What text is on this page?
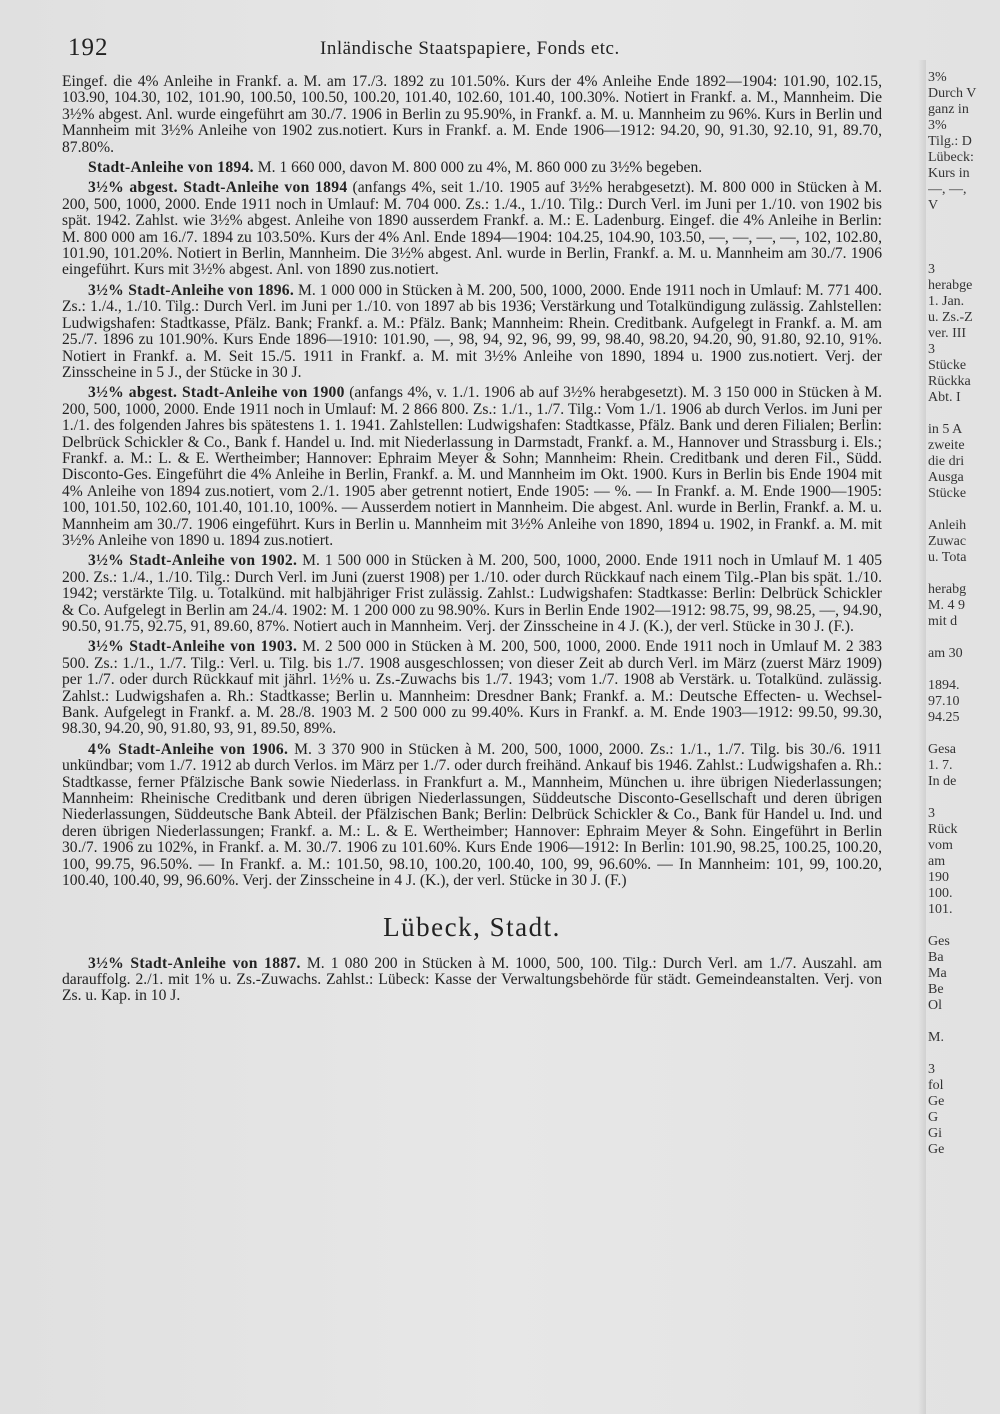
192	Inländische Staatspapiere, Fonds etc.

Eingef. die 4% Anleihe in Frankf. a. M. am 17./3. 1892 zu 101.50%. Kurs der 4% Anleihe Ende 1892—1904: 101.90, 102.15, 103.90, 104.30, 102, 101.90, 100.50, 100.50, 100.20, 101.40, 102.60, 101.40, 100.30%. Notiert in Frankf. a. M., Mannheim. Die 3½% abgest. Anl. wurde eingeführt am 30./7. 1906 in Berlin zu 95.90%, in Frankf. a. M. u. Mannheim zu 96%. Kurs in Berlin und Mannheim mit 3½% Anleihe von 1902 zus.notiert. Kurs in Frankf. a. M. Ende 1906—1912: 94.20, 90, 91.30, 92.10, 91, 89.70, 87.80%.

Stadt-Anleihe von 1894. M. 1 660 000, davon M. 800 000 zu 4%, M. 860 000 zu 3½% begeben.

3½% abgest. Stadt-Anleihe von 1894 (anfangs 4%, seit 1./10. 1905 auf 3½% herabgesetzt). M. 800 000 in Stücken à M. 200, 500, 1000, 2000. Ende 1911 noch in Umlauf: M. 704 000. Zs.: 1./4., 1./10. Tilg.: Durch Verl. im Juni per 1./10. von 1902 bis spät. 1942. Zahlst. wie 3½% abgest. Anleihe von 1890 ausserdem Frankf. a. M.: E. Ladenburg. Eingef. die 4% Anleihe in Berlin: M. 800 000 am 16./7. 1894 zu 103.50%. Kurs der 4% Anl. Ende 1894—1904: 104.25, 104.90, 103.50, —, —, —, —, 102, 102.80, 101.90, 101.20%. Notiert in Berlin, Mannheim. Die 3½% abgest. Anl. wurde in Berlin, Frankf. a. M. u. Mannheim am 30./7. 1906 eingeführt. Kurs mit 3½% abgest. Anl. von 1890 zus.notiert.

3½% Stadt-Anleihe von 1896. M. 1 000 000 in Stücken à M. 200, 500, 1000, 2000. Ende 1911 noch in Umlauf: M. 771 400. Zs.: 1./4., 1./10. Tilg.: Durch Verl. im Juni per 1./10. von 1897 ab bis 1936; Verstärkung und Totalkündigung zulässig. Zahlstellen: Ludwigshafen: Stadtkasse, Pfälz. Bank; Frankf. a. M.: Pfälz. Bank; Mannheim: Rhein. Creditbank. Aufgelegt in Frankf. a. M. am 25./7. 1896 zu 101.90%. Kurs Ende 1896—1910: 101.90, —, 98, 94, 92, 96, 99, 99, 98.40, 98.20, 94.20, 90, 91.80, 92.10, 91%. Notiert in Frankf. a. M. Seit 15./5. 1911 in Frankf. a. M. mit 3½% Anleihe von 1890, 1894 u. 1900 zus.notiert. Verj. der Zinsscheine in 5 J., der Stücke in 30 J.

3½% abgest. Stadt-Anleihe von 1900 (anfangs 4%, v. 1./1. 1906 ab auf 3½% herabgesetzt). M. 3 150 000 in Stücken à M. 200, 500, 1000, 2000. Ende 1911 noch in Umlauf: M. 2 866 800. Zs.: 1./1., 1./7. Tilg.: Vom 1./1. 1906 ab durch Verlos. im Juni per 1./1. des folgenden Jahres bis spätestens 1. 1. 1941. Zahlstellen: Ludwigshafen: Stadtkasse, Pfälz. Bank und deren Filialen; Berlin: Delbrück Schickler & Co., Bank f. Handel u. Ind. mit Niederlassung in Darmstadt, Frankf. a. M., Hannover und Strassburg i. Els.; Frankf. a. M.: L. & E. Wertheimber; Hannover: Ephraim Meyer & Sohn; Mannheim: Rhein. Creditbank und deren Fil., Südd. Disconto-Ges. Eingeführt die 4% Anleihe in Berlin, Frankf. a. M. und Mannheim im Okt. 1900. Kurs in Berlin bis Ende 1904 mit 4% Anleihe von 1894 zus.notiert, vom 2./1. 1905 aber getrennt notiert, Ende 1905: — %. — In Frankf. a. M. Ende 1900—1905: 100, 101.50, 102.60, 101.40, 101.10, 100%. — Ausserdem notiert in Mannheim. Die abgest. Anl. wurde in Berlin, Frankf. a. M. u. Mannheim am 30./7. 1906 eingeführt. Kurs in Berlin u. Mannheim mit 3½% Anleihe von 1890, 1894 u. 1902, in Frankf. a. M. mit 3½% Anleihe von 1890 u. 1894 zus.notiert.

3½% Stadt-Anleihe von 1902. M. 1 500 000 in Stücken à M. 200, 500, 1000, 2000. Ende 1911 noch in Umlauf M. 1 405 200. Zs.: 1./4., 1./10. Tilg.: Durch Verl. im Juni (zuerst 1908) per 1./10. oder durch Rückkauf nach einem Tilg.-Plan bis spät. 1./10. 1942; verstärkte Tilg. u. Totalkünd. mit halbjähriger Frist zulässig. Zahlst.: Ludwigshafen: Stadtkasse: Berlin: Delbrück Schickler & Co. Aufgelegt in Berlin am 24./4. 1902: M. 1 200 000 zu 98.90%. Kurs in Berlin Ende 1902—1912: 98.75, 99, 98.25, —, 94.90, 90.50, 91.75, 92.75, 91, 89.60, 87%. Notiert auch in Mannheim. Verj. der Zinsscheine in 4 J. (K.), der verl. Stücke in 30 J. (F.).

3½% Stadt-Anleihe von 1903. M. 2 500 000 in Stücken à M. 200, 500, 1000, 2000. Ende 1911 noch in Umlauf M. 2 383 500. Zs.: 1./1., 1./7. Tilg.: Verl. u. Tilg. bis 1./7. 1908 ausgeschlossen; von dieser Zeit ab durch Verl. im März (zuerst März 1909) per 1./7. oder durch Rückkauf mit jährl. 1½% u. Zs.-Zuwachs bis 1./7. 1943; vom 1./7. 1908 ab Verstärk. u. Totalkünd. zulässig. Zahlst.: Ludwigshafen a. Rh.: Stadtkasse; Berlin u. Mannheim: Dresdner Bank; Frankf. a. M.: Deutsche Effecten- u. Wechsel-Bank. Aufgelegt in Frankf. a. M. 28./8. 1903 M. 2 500 000 zu 99.40%. Kurs in Frankf. a. M. Ende 1903—1912: 99.50, 99.30, 98.30, 94.20, 90, 91.80, 93, 91, 89.50, 89%.

4% Stadt-Anleihe von 1906. M. 3 370 900 in Stücken à M. 200, 500, 1000, 2000. Zs.: 1./1., 1./7. Tilg. bis 30./6. 1911 unkündbar; vom 1./7. 1912 ab durch Verlos. im März per 1./7. oder durch freihänd. Ankauf bis 1946. Zahlst.: Ludwigshafen a. Rh.: Stadtkasse, ferner Pfälzische Bank sowie Niederlass. in Frankfurt a. M., Mannheim, München u. ihre übrigen Niederlassungen; Mannheim: Rheinische Creditbank und deren übrigen Niederlassungen, Süddeutsche Disconto-Gesellschaft und deren übrigen Niederlassungen, Süddeutsche Bank Abteil. der Pfälzischen Bank; Berlin: Delbrück Schickler & Co., Bank für Handel u. Ind. und deren übrigen Niederlassungen; Frankf. a. M.: L. & E. Wertheimber; Hannover: Ephraim Meyer & Sohn. Eingeführt in Berlin 30./7. 1906 zu 102%, in Frankf. a. M. 30./7. 1906 zu 101.60%. Kurs Ende 1906—1912: In Berlin: 101.90, 98.25, 100.25, 100.20, 100, 99.75, 96.50%. — In Frankf. a. M.: 101.50, 98.10, 100.20, 100.40, 100, 99, 96.60%. — In Mannheim: 101, 99, 100.20, 100.40, 100.40, 99, 96.60%. Verj. der Zinsscheine in 4 J. (K.), der verl. Stücke in 30 J. (F.)

Lübeck, Stadt.

3½% Stadt-Anleihe von 1887. M. 1 080 200 in Stücken à M. 1000, 500, 100. Tilg.: Durch Verl. am 1./7. Auszahl. am darauffolg. 2./1. mit 1% u. Zs.-Zuwachs. Zahlst.: Lübeck: Kasse der Verwaltungsbehörde für städt. Gemeindeanstalten. Verj. von Zs. u. Kap. in 10 J.

3%
Durch V
ganz in
3%
Tilg.: D
Lübeck:
Kurs in
—, —,
V
3
herabge
1. Jan.
u. Zs.-Z
ver. III
3
Stücke
Rückka
Abt. I
in 5 A
zweite
die dri
Ausga
Stücke
Anleih
Zuwac
u. Tota
herabg
M. 4 9
mit d
am 30
1894.
97.10
94.25
Gesa
1. 7.
In de
3
Rück
vom
am
190
100.
101.
Ges
Ba
Ma
Be
Ol
M.
3
fol
Ge
G
Gi
Ge
